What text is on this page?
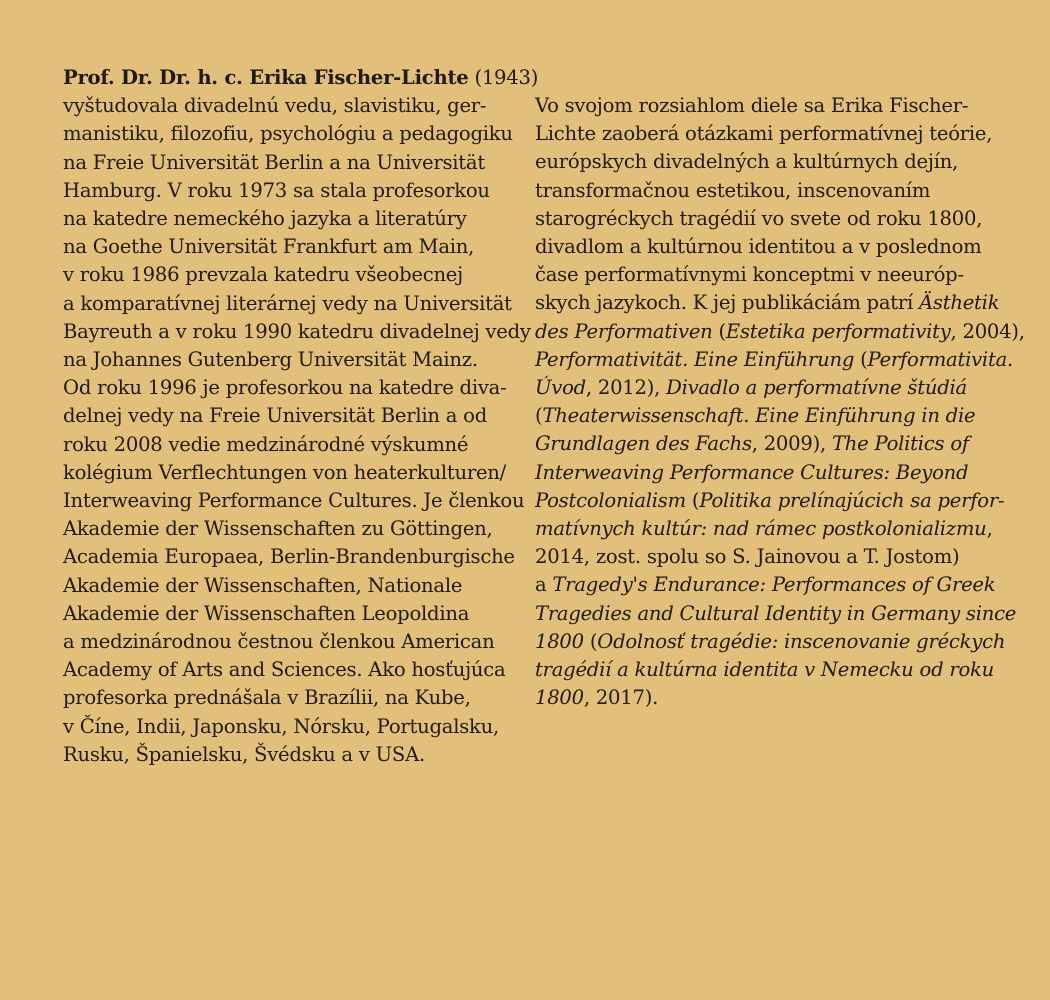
Prof. Dr. Dr. h. c. Erika Fischer-Lichte (1943)
vyštudovala divadelnú vedu, slavistiku, ger-
manistiku, filozofiu, psychológiu a pedagogiku
na Freie Universität Berlin a na Universität
Hamburg. V roku 1973 sa stala profesorkou
na katedre nemeckého jazyka a literatúry
na Goethe Universität Frankfurt am Main,
v roku 1986 prevzala katedru všeobecnej
a komparatívnej literárnej vedy na Universität
Bayreuth a v roku 1990 katedru divadelnej vedy
na Johannes Gutenberg Universität Mainz.
Od roku 1996 je profesorkou na katedre diva-
delnej vedy na Freie Universität Berlin a od
roku 2008 vedie medzinárodné výskumné
kolégium Verflechtungen von heaterkulturen/
Interweaving Performance Cultures. Je členkou
Akademie der Wissenschaften zu Göttingen,
Academia Europaea, Berlin-Brandenburgische
Akademie der Wissenschaften, Nationale
Akademie der Wissenschaften Leopoldina
a medzinárodnou čestnou členkou American
Academy of Arts and Sciences. Ako hosťujúca
profesorka prednášala v Brazílii, na Kube,
v Číne, Indii, Japonsku, Nórsku, Portugalsku,
Rusku, Španielsku, Švédsku a v USA.
Vo svojom rozsiahlom diele sa Erika Fischer-
Lichte zaoberá otázkami performatívnej teórie,
európskych divadelných a kultúrnych dejín,
transformačnou estetikou, inscenovaním
starogréckych tragédií vo svete od roku 1800,
divadlom a kultúrnou identitou a v poslednom
čase performatívnymi konceptmi v neeuróp-
skych jazykoch. K jej publikáciám patrí Ästhetik
des Performativen (Estetika performativity, 2004),
Performativität. Eine Einführung (Performativita.
Úvod, 2012), Divadlo a performatívne štúdiá
(Theaterwissenschaft. Eine Einführung in die
Grundlagen des Fachs, 2009), The Politics of
Interweaving Performance Cultures: Beyond
Postcolonialism (Politika prelínajúcich sa perfor-
matívnych kultúr: nad rámec postkolonializmu,
2014, zost. spolu so S. Jainovou a T. Jostom)
a Tragedy's Endurance: Performances of Greek
Tragedies and Cultural Identity in Germany since
1800 (Odolnosť tragédie: inscenovanie gréckych
tragédií a kultúrna identita v Nemecku od roku
1800, 2017).
